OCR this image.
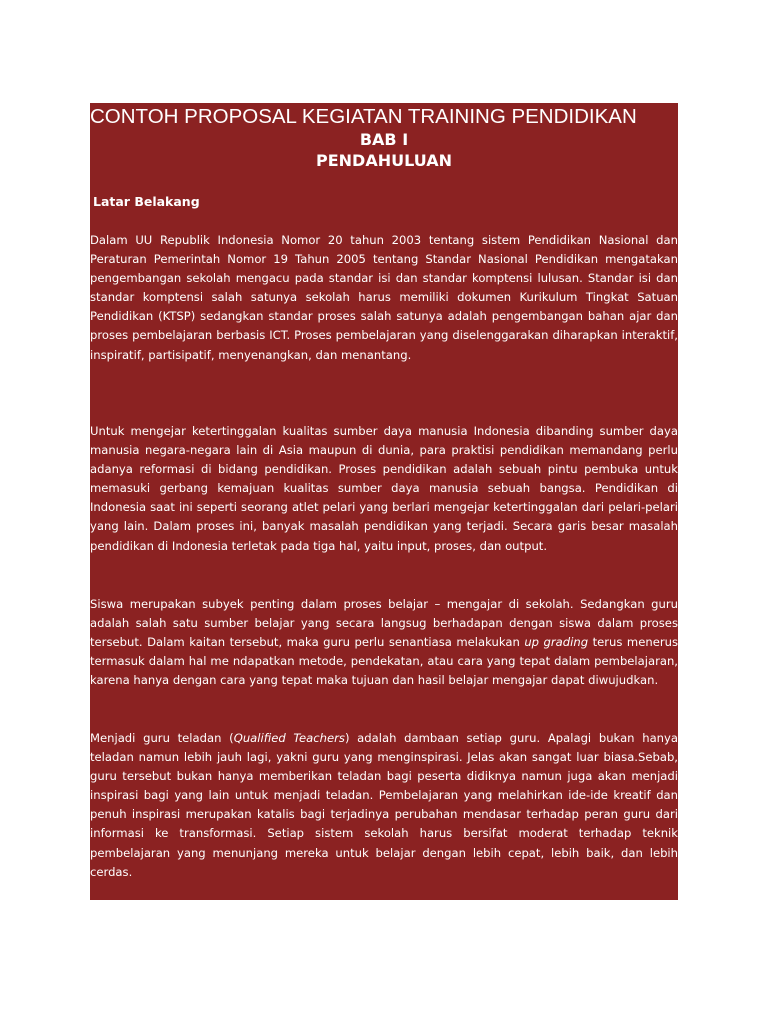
CONTOH PROPOSAL KEGIATAN TRAINING PENDIDIKAN
BAB I
PENDAHULUAN
A. Latar Belakang

Dalam UU Republik Indonesia Nomor 20 tahun 2003 tentang sistem Pendidikan Nasional dan Peraturan Pemerintah Nomor 19 Tahun 2005 tentang Standar Nasional Pendidikan mengatakan pengembangan sekolah mengacu pada standar isi dan standar komptensi lulusan. Standar isi dan standar komptensi salah satunya sekolah harus memiliki dokumen Kurikulum Tingkat Satuan Pendidikan (KTSP) sedangkan standar proses salah satunya adalah pengembangan bahan ajar dan proses pembelajaran berbasis ICT. Proses pembelajaran yang diselenggarakan diharapkan interaktif, inspiratif, partisipatif, menyenangkan, dan menantang.

Untuk mengejar ketertinggalan kualitas sumber daya manusia Indonesia dibanding sumber daya manusia negara-negara lain di Asia maupun di dunia, para praktisi pendidikan memandang perlu adanya reformasi di bidang pendidikan. Proses pendidikan adalah sebuah pintu pembuka untuk memasuki gerbang kemajuan kualitas sumber daya manusia sebuah bangsa. Pendidikan di Indonesia saat ini seperti seorang atlet pelari yang berlari mengejar ketertinggalan dari pelari-pelari yang lain. Dalam proses ini, banyak masalah pendidikan yang terjadi. Secara garis besar masalah pendidikan di Indonesia terletak pada tiga hal, yaitu input, proses, dan output.

Siswa merupakan subyek penting dalam proses belajar – mengajar di sekolah. Sedangkan guru adalah salah satu sumber belajar yang secara langsug berhadapan dengan siswa dalam proses tersebut. Dalam kaitan tersebut, maka guru perlu senantiasa melakukan up grading terus menerus termasuk dalam hal me ndapatkan metode, pendekatan, atau cara yang tepat dalam pembelajaran, karena hanya dengan cara yang tepat maka tujuan dan hasil belajar mengajar dapat diwujudkan.

Menjadi guru teladan (Qualified Teachers) adalah dambaan setiap guru. Apalagi bukan hanya teladan namun lebih jauh lagi, yakni guru yang menginspirasi. Jelas akan sangat luar biasa.Sebab, guru tersebut bukan hanya memberikan teladan bagi peserta didiknya namun juga akan menjadi inspirasi bagi yang lain untuk menjadi teladan. Pembelajaran yang melahirkan ide-ide kreatif dan penuh inspirasi merupakan katalis bagi terjadinya perubahan mendasar terhadap peran guru dari informasi ke transformasi. Setiap sistem sekolah harus bersifat moderat terhadap teknik pembelajaran yang menunjang mereka untuk belajar dengan lebih cepat, lebih baik, dan lebih cerdas.
